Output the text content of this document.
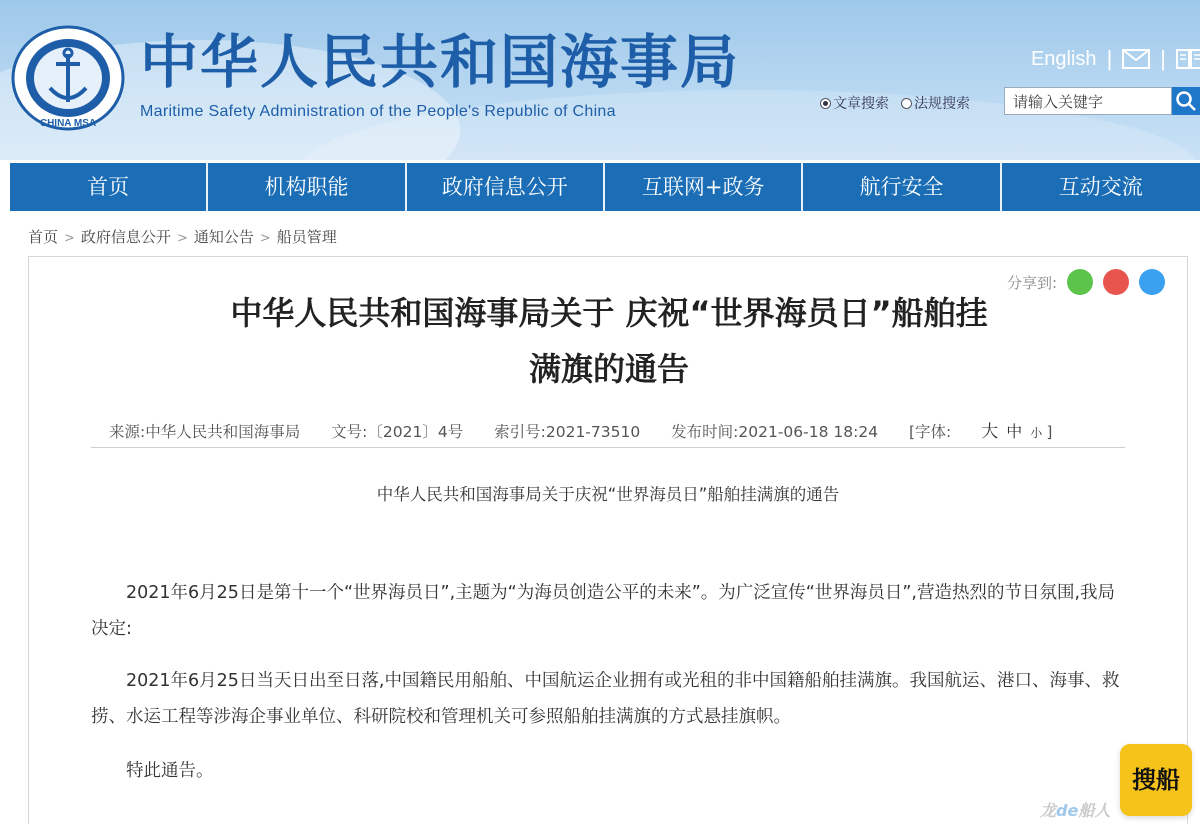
CHINA MSA
中华人民共和国海事局
Maritime Safety Administration of the People's Republic of China
English | |
文章搜索	法规搜索	请输入关键字
首页	机构职能	政府信息公开	互联网+政务	航行安全	互动交流
首页 > 政府信息公开 > 通知公告 > 船员管理
分享到:
中华人民共和国海事局关于 庆祝“世界海员日”船舶挂
满旗的通告
来源:中华人民共和国海事局 文号:〔2021〕4号 索引号:2021-73510 发布时间:2021-06-18 18:24 [字体: 大 中 小 ]
中华人民共和国海事局关于庆祝“世界海员日”船舶挂满旗的通告
2021年6月25日是第十一个“世界海员日”,主题为“为海员创造公平的未来”。为广泛宣传“世界海员日”,营造热烈的节日氛围,我局决定:
2021年6月25日当天日出至日落,中国籍民用船舶、中国航运企业拥有或光租的非中国籍船舶挂满旗。我国航运、港口、海事、救捞、水运工程等涉海企事业单位、科研院校和管理机关可参照船舶挂满旗的方式悬挂旗帜。
特此通告。	搜船
龙de船人
